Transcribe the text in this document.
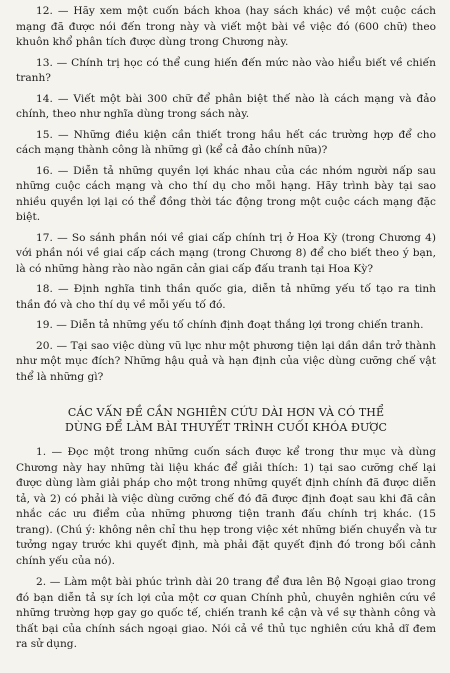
12. — Hãy xem một cuốn bách khoa (hay sách khác) về một cuộc cách mạng đã được nói đến trong này và viết một bài về việc đó (600 chữ) theo khuôn khổ phân tích được dùng trong Chương này.

13. — Chính trị học có thể cung hiến đến mức nào vào hiểu biết về chiến tranh?

14. — Viết một bài 300 chữ để phân biệt thế nào là cách mạng và đảo chính, theo như nghĩa dùng trong sách này.

15. — Những điều kiện cần thiết trong hầu hết các trường hợp để cho cách mạng thành công là những gì (kể cả đảo chính nữa)?

16. — Diễn tả những quyền lợi khác nhau của các nhóm người nấp sau những cuộc cách mạng và cho thí dụ cho mỗi hạng. Hãy trình bày tại sao nhiều quyền lợi lại có thể đồng thời tác động trong một cuộc cách mạng đặc biệt.

17. — So sánh phần nói về giai cấp chính trị ở Hoa Kỳ (trong Chương 4) với phần nói về giai cấp cách mạng (trong Chương 8) để cho biết theo ý bạn, là có những hàng rào nào ngăn cản giai cấp đấu tranh tại Hoa Kỳ?

18. — Định nghĩa tinh thần quốc gia, diễn tả những yếu tố tạo ra tinh thần đó và cho thí dụ về mỗi yếu tố đó.

19. — Diễn tả những yếu tố chính định đoạt thắng lợi trong chiến tranh.

20. — Tại sao việc dùng vũ lực như một phương tiện lại dần dần trở thành như một mục đích? Những hậu quả và hạn định của việc dùng cưỡng chế vật thể là những gì?

CÁC VẤN ĐỀ CẦN NGHIÊN CỨU DÀI HƠN VÀ CÓ THỂ
DÙNG ĐỂ LÀM BÀI THUYẾT TRÌNH CUỐI KHÓA ĐƯỢC

1. — Đọc một trong những cuốn sách được kể trong thư mục và dùng Chương này hay những tài liệu khác để giải thích: 1) tại sao cưỡng chế lại được dùng làm giải pháp cho một trong những quyết định chính đã được diễn tả, và 2) có phải là việc dùng cưỡng chế đó đã được định đoạt sau khi đã cân nhắc các ưu điểm của những phương tiện tranh đấu chính trị khác. (15 trang). (Chú ý: không nên chỉ thu hẹp trong việc xét những biến chuyển và tư tưởng ngay trước khi quyết định, mà phải đặt quyết định đó trong bối cảnh chính yếu của nó).

2. — Làm một bài phúc trình dài 20 trang để đưa lên Bộ Ngoại giao trong đó bạn diễn tả sự ích lợi của một cơ quan Chính phủ, chuyên nghiên cứu về những trường hợp gay go quốc tế, chiến tranh kề cận và về sự thành công và thất bại của chính sách ngoại giao. Nói cả về thủ tục nghiên cứu khả dĩ đem ra sử dụng.
